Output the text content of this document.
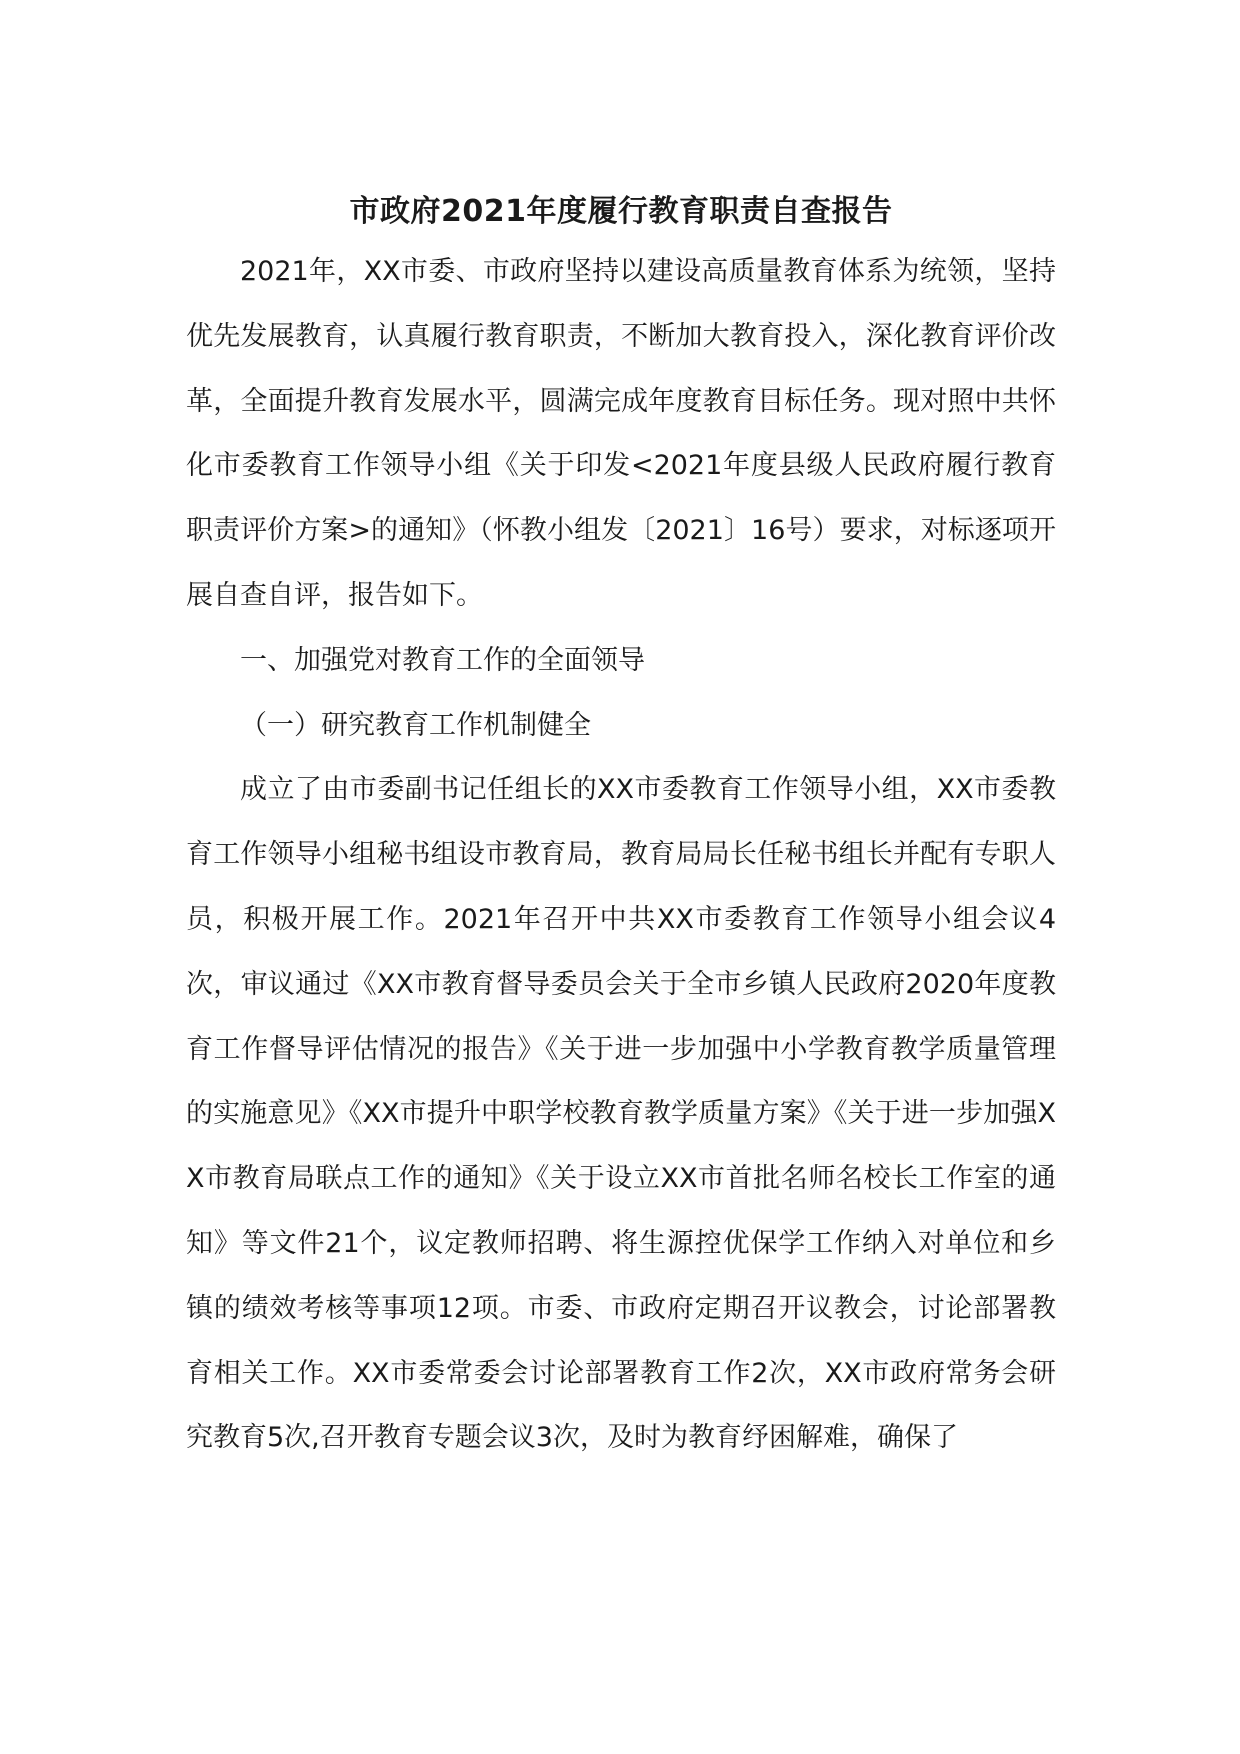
市政府2021年度履行教育职责自查报告

2021年，XX市委、市政府坚持以建设高质量教育体系为统领，坚持优先发展教育，认真履行教育职责，不断加大教育投入，深化教育评价改革，全面提升教育发展水平，圆满完成年度教育目标任务。现对照中共怀化市委教育工作领导小组《关于印发<2021年度县级人民政府履行教育职责评价方案>的通知》（怀教小组发〔2021〕16号）要求，对标逐项开展自查自评，报告如下。

一、加强党对教育工作的全面领导

（一）研究教育工作机制健全

成立了由市委副书记任组长的XX市委教育工作领导小组，XX市委教育工作领导小组秘书组设市教育局，教育局局长任秘书组长并配有专职人员，积极开展工作。2021年召开中共XX市委教育工作领导小组会议4次，审议通过《XX市教育督导委员会关于全市乡镇人民政府2020年度教育工作督导评估情况的报告》《关于进一步加强中小学教育教学质量管理的实施意见》《XX市提升中职学校教育教学质量方案》《关于进一步加强XX市教育局联点工作的通知》《关于设立XX市首批名师名校长工作室的通知》等文件21个，议定教师招聘、将生源控优保学工作纳入对单位和乡镇的绩效考核等事项12项。市委、市政府定期召开议教会，讨论部署教育相关工作。XX市委常委会讨论部署教育工作2次，XX市政府常务会研究教育5次,召开教育专题会议3次，及时为教育纾困解难，确保了
